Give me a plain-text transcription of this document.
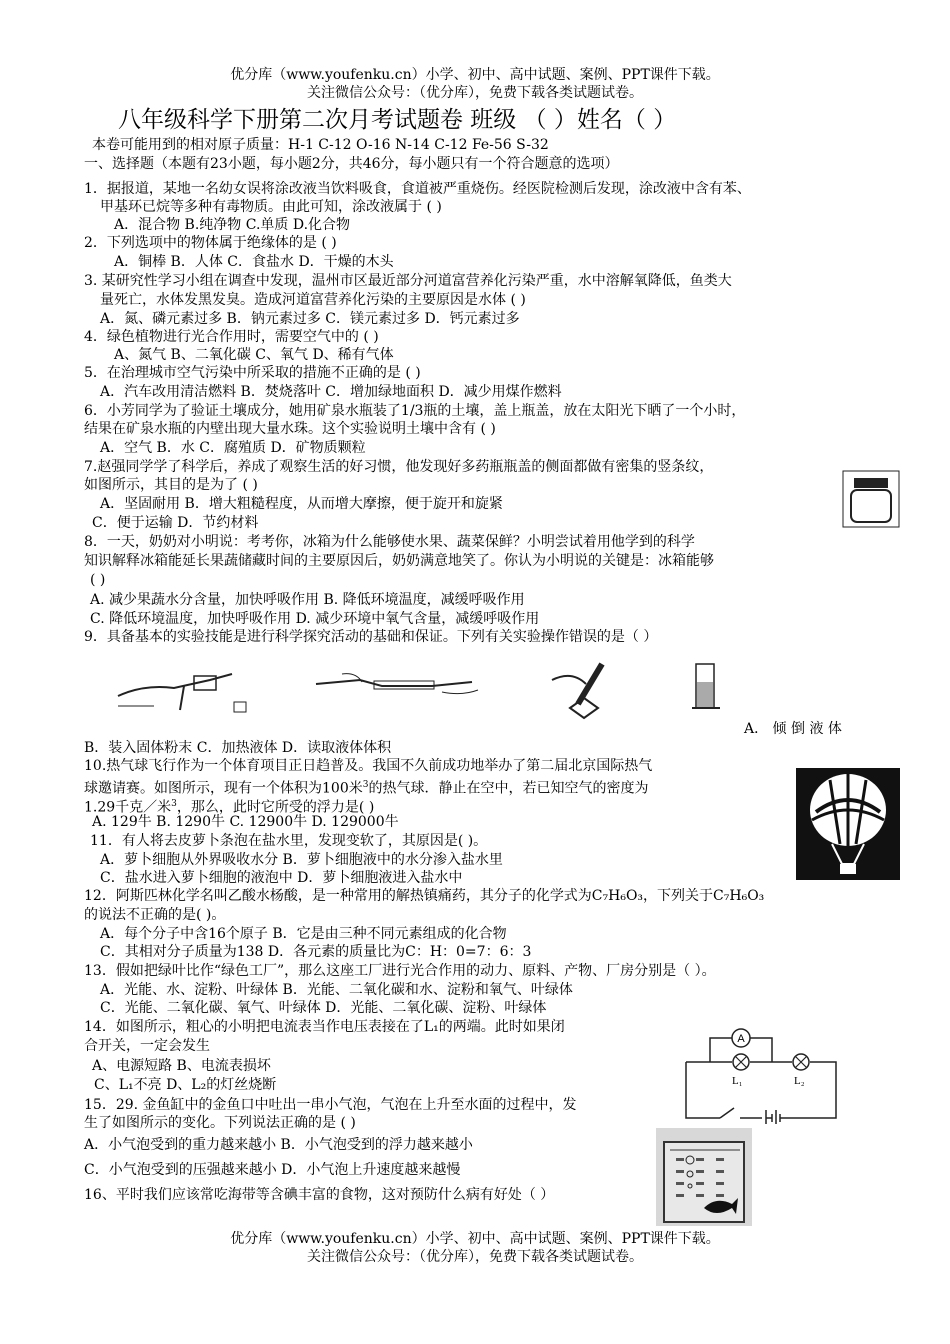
优分库（www.youfenku.cn）小学、初中、高中试题、案例、PPT课件下载。
关注微信公众号：（优分库），免费下载各类试题试卷。
八年级科学下册第二次月考试题卷 班级 （ ）姓名（ ）
本卷可能用到的相对原子质量：H-1 C-12 O-16 N-14 C-12 Fe-56 S-32
一、选择题（本题有23小题，每小题2分，共46分，每小题只有一个符合题意的选项）
1．据报道，某地一名幼女误将涂改液当饮料吸食，食道被严重烧伤。经医院检测后发现，涂改液中含有苯、
甲基环已烷等多种有毒物质。由此可知，涂改液属于 ( )
A．混合物 B.纯净物 C.单质 D.化合物
2．下列选项中的物体属于绝缘体的是 ( )
A．铜棒 B．人体 C．食盐水 D．干燥的木头
3. 某研究性学习小组在调查中发现，温州市区最近部分河道富营养化污染严重，水中溶解氧降低，鱼类大
量死亡，水体发黑发臭。造成河道富营养化污染的主要原因是水体 ( )
A．氮、磷元素过多 B．钠元素过多 C．镁元素过多 D．钙元素过多
4．绿色植物进行光合作用时，需要空气中的 ( )
A、氮气 B、二氧化碳 C、氧气 D、稀有气体
5．在治理城市空气污染中所采取的措施不正确的是 ( )
A．汽车改用清洁燃料 B．焚烧落叶 C．增加绿地面积 D．减少用煤作燃料
6．小芳同学为了验证土壤成分，她用矿泉水瓶装了1/3瓶的土壤，盖上瓶盖，放在太阳光下晒了一个小时，
结果在矿泉水瓶的内壁出现大量水珠。这个实验说明土壤中含有 ( )
A．空气 B．水 C．腐殖质 D．矿物质颗粒
7.赵强同学学了科学后，养成了观察生活的好习惯，他发现好多药瓶瓶盖的侧面都做有密集的竖条纹，
如图所示，其目的是为了 ( )
A．坚固耐用 B．增大粗糙程度，从而增大摩擦，便于旋开和旋紧
C．便于运输 D．节约材料
8．一天，奶奶对小明说：考考你，冰箱为什么能够使水果、蔬菜保鲜？小明尝试着用他学到的科学
知识解释冰箱能延长果蔬储藏时间的主要原因后，奶奶满意地笑了。你认为小明说的关键是：冰箱能够
( )
A. 减少果蔬水分含量，加快呼吸作用 B. 降低环境温度，减缓呼吸作用
C. 降低环境温度，加快呼吸作用 D. 减少环境中氧气含量，减缓呼吸作用
9．具备基本的实验技能是进行科学探究活动的基础和保证。下列有关实验操作错误的是（ ）
A． 倾 倒 液 体
B．装入固体粉末 C．加热液体 D．读取液体体积
10.热气球飞行作为一个体育项目正日趋普及。我国不久前成功地举办了第二届北京国际热气
球邀请赛。如图所示，现有一个体积为100米$^3$的热气球．静止在空中，若已知空气的密度为
1.29千克／米$^3$，那么，此时它所受的浮力是( )
A. 129牛 B. 1290牛 C. 12900牛 D. 129000牛
11．有人将去皮萝卜条泡在盐水里，发现变软了，其原因是( )。
A．萝卜细胞从外界吸收水分 B．萝卜细胞液中的水分渗入盐水里
C．盐水进入萝卜细胞的液泡中 D．萝卜细胞液进入盐水中
12．阿斯匹林化学名叫乙酸水杨酸，是一种常用的解热镇痛药，其分子的化学式为C₇H₆O₃，下列关于C₇H₆O₃
的说法不正确的是( )。
A．每个分子中含16个原子 B．它是由三种不同元素组成的化合物
C．其相对分子质量为138 D．各元素的质量比为C：H：0=7：6：3
13．假如把绿叶比作“绿色工厂”，那么这座工厂进行光合作用的动力、原料、产物、厂房分别是（ ）。
A．光能、水、淀粉、叶绿体 B．光能、二氧化碳和水、淀粉和氧气、叶绿体
C．光能、二氧化碳、氧气、叶绿体 D．光能、二氧化碳、淀粉、叶绿体
14．如图所示，粗心的小明把电流表当作电压表接在了L₁的两端。此时如果闭
合开关，一定会发生
A、电源短路 B、电流表损坏
C、L₁不亮 D、L₂的灯丝烧断
A
L₁	L₂
15．29. 金鱼缸中的金鱼口中吐出一串小气泡，气泡在上升至水面的过程中，发
生了如图所示的变化。下列说法正确的是 ( )
A．小气泡受到的重力越来越小 B．小气泡受到的浮力越来越小
C．小气泡受到的压强越来越小 D．小气泡上升速度越来越慢
16、平时我们应该常吃海带等含碘丰富的食物，这对预防什么病有好处（ ）
优分库（www.youfenku.cn）小学、初中、高中试题、案例、PPT课件下载。
关注微信公众号：（优分库），免费下载各类试题试卷。
